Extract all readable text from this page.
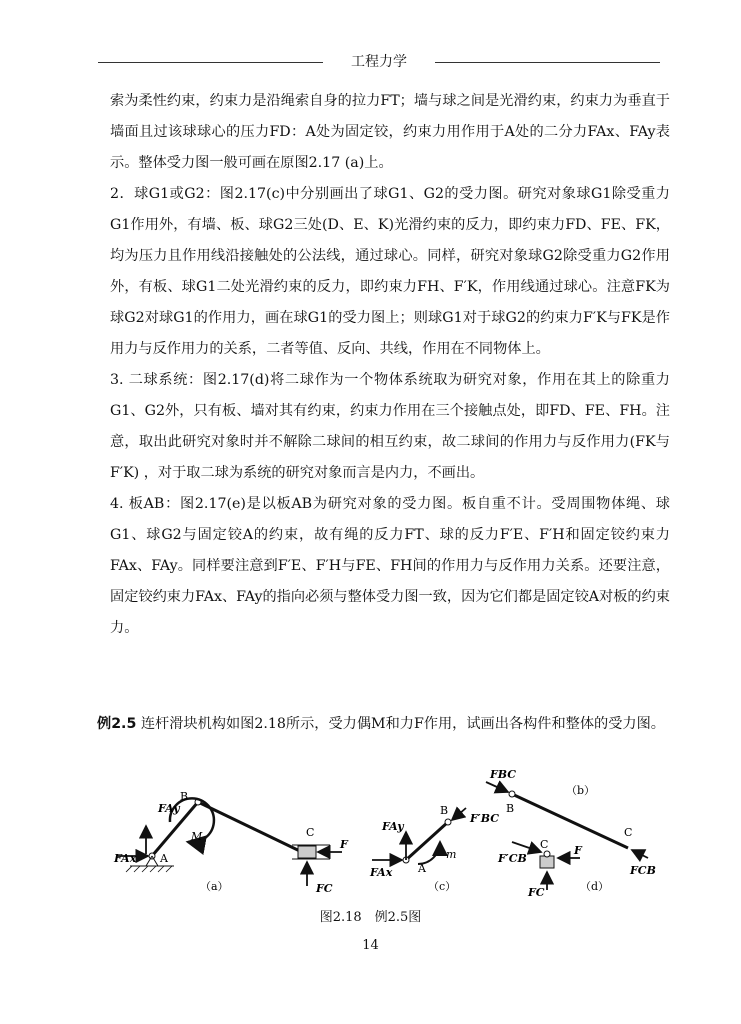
工程力学

索为柔性约束，约束力是沿绳索自身的拉力FT；墙与球之间是光滑约束，约束力为垂直于墙面且过该球球心的压力FD：A处为固定铰，约束力用作用于A处的二分力FAx、FAy表示。整体受力图一般可画在原图2.17 (a)上。

2．球G1或G2：图2.17(c)中分别画出了球G1、G2的受力图。研究对象球G1除受重力G1作用外，有墙、板、球G2三处(D、E、K)光滑约束的反力，即约束力FD、FE、FK，均为压力且作用线沿接触处的公法线，通过球心。同样，研究对象球G2除受重力G2作用外，有板、球G1二处光滑约束的反力，即约束力FH、F′K，作用线通过球心。注意FK为球G2对球G1的作用力，画在球G1的受力图上；则球G1对于球G2的约束力F′K与FK是作用力与反作用力的关系，二者等值、反向、共线，作用在不同物体上。

3. 二球系统：图2.17(d)将二球作为一个物体系统取为研究对象，作用在其上的除重力G1、G2外，只有板、墙对其有约束，约束力作用在三个接触点处，即FD、FE、FH。注意，取出此研究对象时并不解除二球间的相互约束，故二球间的作用力与反作用力(FK与F′K) ，对于取二球为系统的研究对象而言是内力，不画出。

4. 板AB：图2.17(e)是以板AB为研究对象的受力图。板自重不计。受周围物体绳、球G1、球G2与固定铰A的约束，故有绳的反力FT、球的反力F′E、F′H和固定铰约束力FAx、FAy。同样要注意到F′E、F′H与FE、FH间的作用力与反作用力关系。还要注意，固定铰约束力FAx、FAy的指向必须与整体受力图一致，因为它们都是固定铰A对板的约束力。

例2.5 连杆滑块机构如图2.18所示，受力偶M和力F作用，试画出各构件和整体的受力图。
FAy
FAx
B
M
A
C
F
FC
（a）
FAy
FAx
B
F′BC
m
A
（c）
FBC
B
C
FCB
（b）
C F
F′CB
FC	（d）
图2.18　例2.5图
14
